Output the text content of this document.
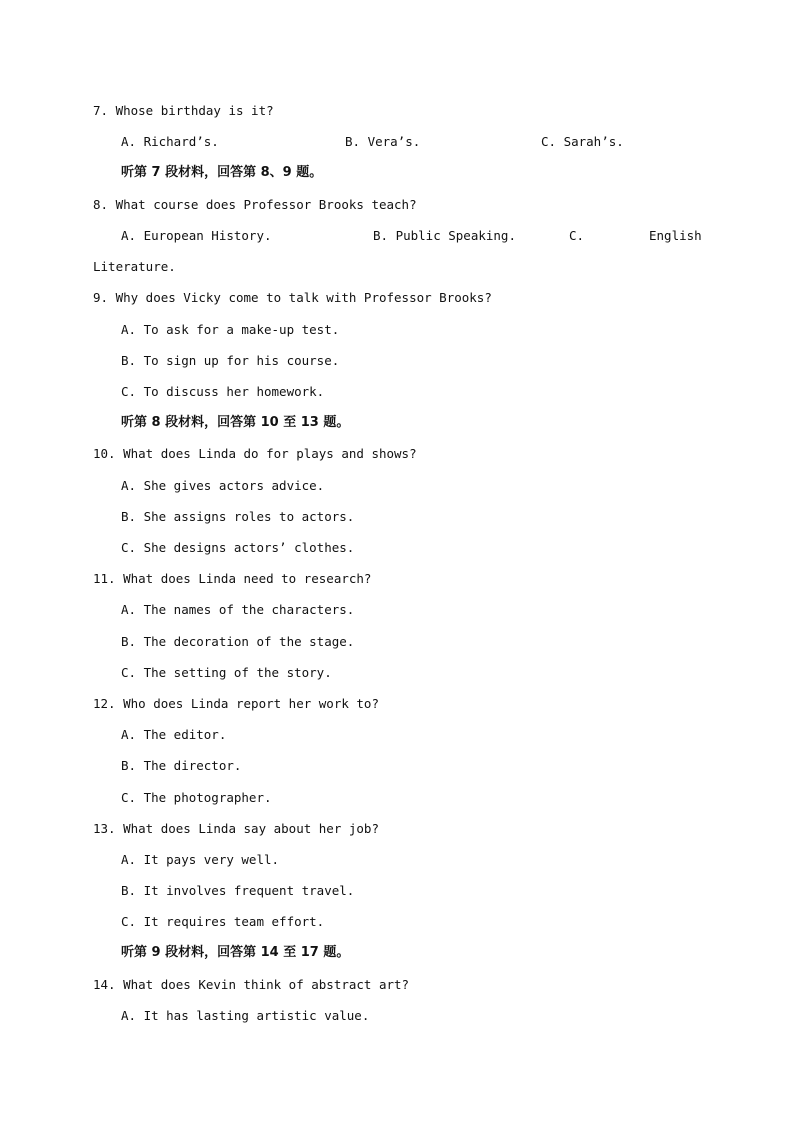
7. Whose birthday is it?
A. Richard’s.	B. Vera’s.	C. Sarah’s.
听第 7 段材料，回答第 8、9 题。
8. What course does Professor Brooks teach?
A. European History.	B. Public Speaking.	C.	English
Literature.
9. Why does Vicky come to talk with Professor Brooks?
A. To ask for a make-up test.
B. To sign up for his course.
C. To discuss her homework.
听第 8 段材料，回答第 10 至 13 题。
10. What does Linda do for plays and shows?
A. She gives actors advice.
B. She assigns roles to actors.
C. She designs actors’ clothes.
11. What does Linda need to research?
A. The names of the characters.
B. The decoration of the stage.
C. The setting of the story.
12. Who does Linda report her work to?
A. The editor.
B. The director.
C. The photographer.
13. What does Linda say about her job?
A. It pays very well.
B. It involves frequent travel.
C. It requires team effort.
听第 9 段材料，回答第 14 至 17 题。
14. What does Kevin think of abstract art?
A. It has lasting artistic value.
